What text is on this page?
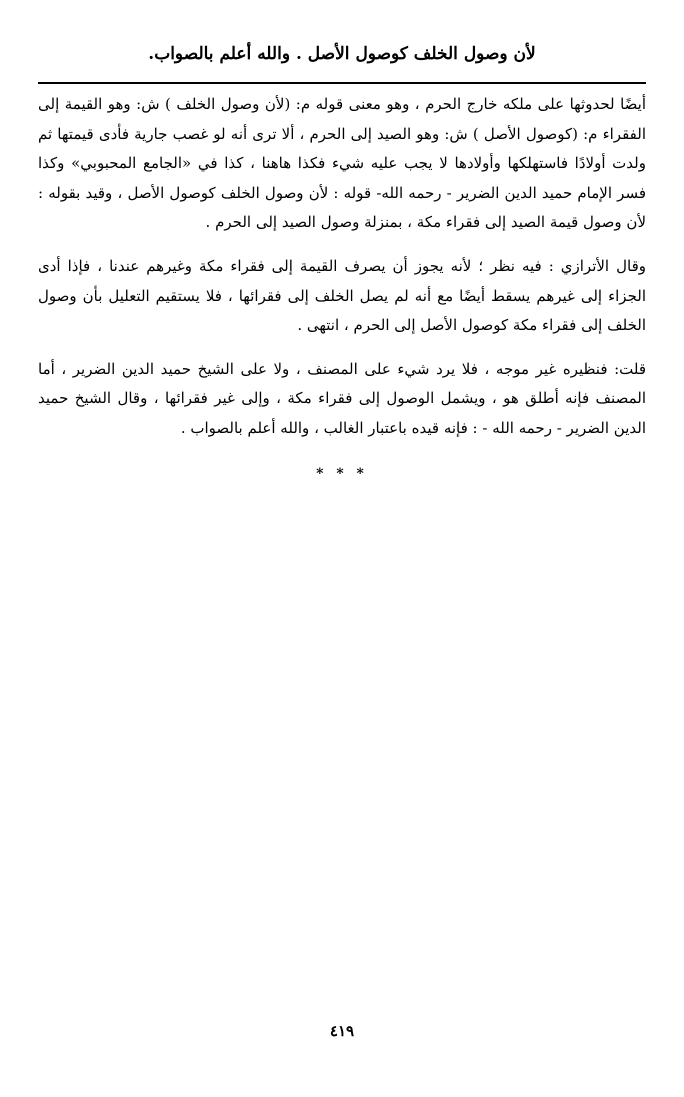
لأن وصول الخلف كوصول الأصل . والله أعلم بالصواب.

أيضًا لحدوثها على ملكه خارج الحرم ، وهو معنى قوله م: (لأن وصول الخلف ) ش: وهو القيمة إلى الفقراء م: (كوصول الأصل ) ش: وهو الصيد إلى الحرم ، ألا ترى أنه لو غصب جارية فأدى قيمتها ثم ولدت أولادًا فاستهلكها وأولادها لا يجب عليه شيء فكذا هاهنا ، كذا في «الجامع المحبوبي» وكذا فسر الإمام حميد الدين الضرير - رحمه الله- قوله : لأن وصول الخلف كوصول الأصل ، وقيد بقوله : لأن وصول قيمة الصيد إلى فقراء مكة ، بمنزلة وصول الصيد إلى الحرم .

وقال الأترازي : فيه نظر ؛ لأنه يجوز أن يصرف القيمة إلى فقراء مكة وغيرهم عندنا ، فإذا أدى الجزاء إلى غيرهم يسقط أيضًا مع أنه لم يصل الخلف إلى فقرائها ، فلا يستقيم التعليل بأن وصول الخلف إلى فقراء مكة كوصول الأصل إلى الحرم ، انتهى .

قلت: فنظيره غير موجه ، فلا يرد شيء على المصنف ، ولا على الشيخ حميد الدين الضرير ، أما المصنف فإنه أطلق هو ، ويشمل الوصول إلى فقراء مكة ، وإلى غير فقرائها ، وقال الشيخ حميد الدين الضرير - رحمه الله - : فإنه قيده باعتبار الغالب ، والله أعلم بالصواب .

* * *
٤١٩
